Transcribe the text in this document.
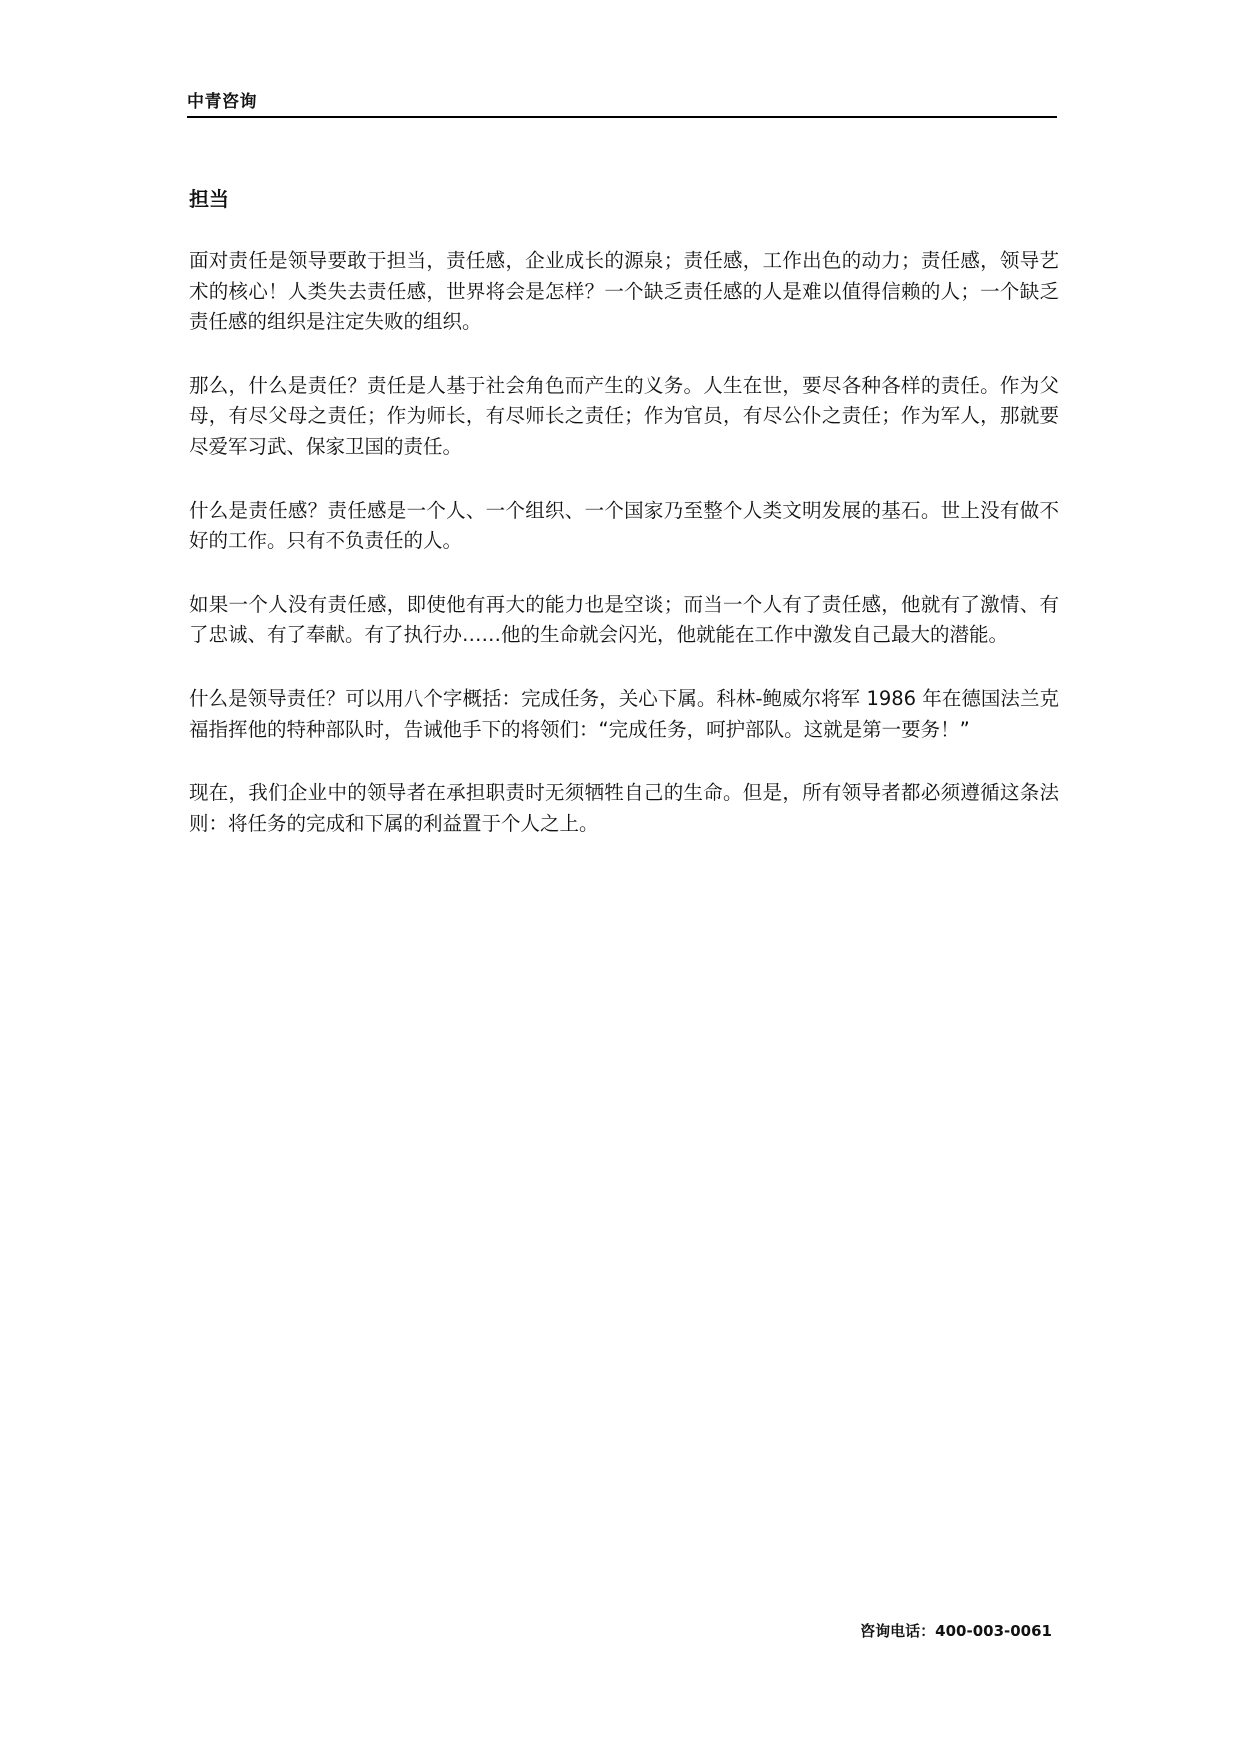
中青咨询
担当

面对责任是领导要敢于担当，责任感，企业成长的源泉；责任感，工作出色的动力；责任感，领导艺术的核心！人类失去责任感，世界将会是怎样？一个缺乏责任感的人是难以值得信赖的人；一个缺乏责任感的组织是注定失败的组织。

那么，什么是责任？责任是人基于社会角色而产生的义务。人生在世，要尽各种各样的责任。作为父母，有尽父母之责任；作为师长，有尽师长之责任；作为官员，有尽公仆之责任；作为军人，那就要尽爱军习武、保家卫国的责任。

什么是责任感？责任感是一个人、一个组织、一个国家乃至整个人类文明发展的基石。世上没有做不好的工作。只有不负责任的人。

如果一个人没有责任感，即使他有再大的能力也是空谈；而当一个人有了责任感，他就有了激情、有了忠诚、有了奉献。有了执行办……他的生命就会闪光，他就能在工作中激发自己最大的潜能。

什么是领导责任？可以用八个字概括：完成任务，关心下属。科林-鲍威尔将军 1986 年在德国法兰克福指挥他的特种部队时，告诫他手下的将领们：“完成任务，呵护部队。这就是第一要务！”

现在，我们企业中的领导者在承担职责时无须牺牲自己的生命。但是，所有领导者都必须遵循这条法则：将任务的完成和下属的利益置于个人之上。

咨询电话：400-003-0061
